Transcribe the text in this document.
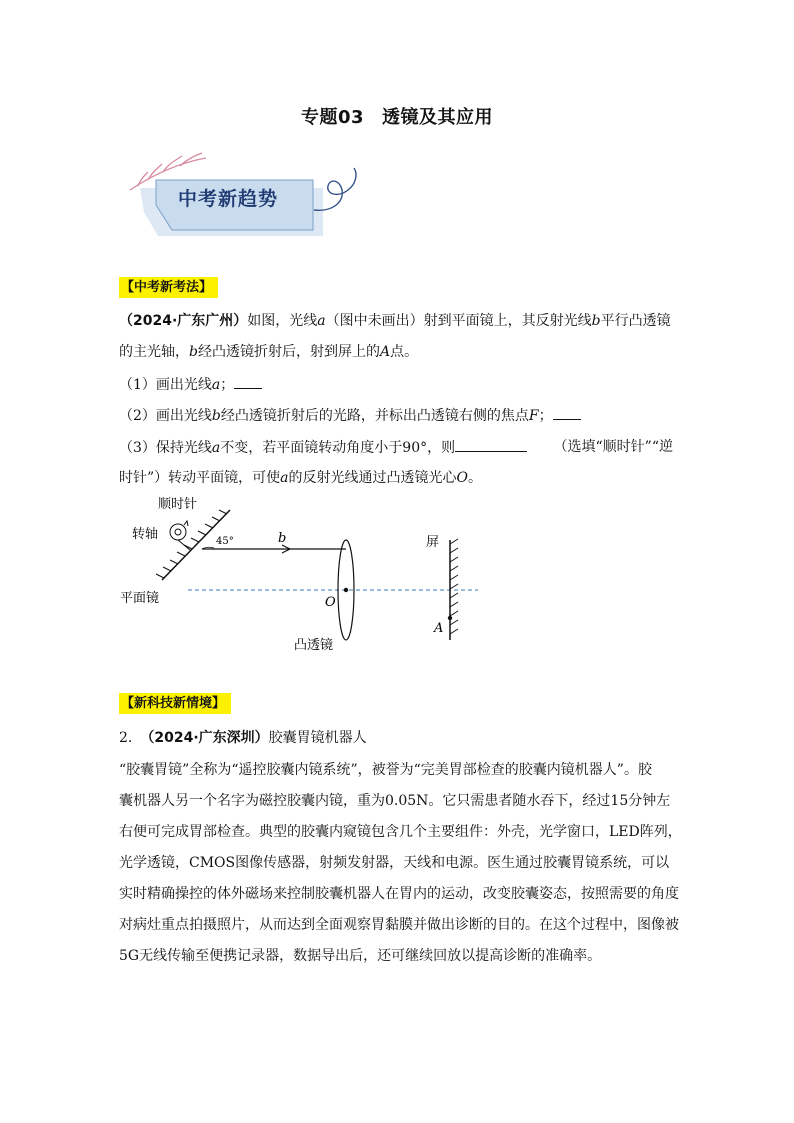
专题03 透镜及其应用
中考新趋势
【中考新考法】
（2024·广东广州）如图，光线a（图中未画出）射到平面镜上，其反射光线b平行凸透镜
的主光轴，b经凸透镜折射后，射到屏上的A点。
（1）画出光线a；
（2）画出光线b经凸透镜折射后的光路，并标出凸透镜右侧的焦点F；
（3）保持光线a不变，若平面镜转动角度小于90°，则	（选填“顺时针”“逆
时针”）转动平面镜，可使a的反射光线通过凸透镜光心O。
顺时针
转轴	45°	b
平面镜	O
凸透镜
屏
A
【新科技新情境】
2. （2024·广东深圳）胶囊胃镜机器人
“胶囊胃镜”全称为“遥控胶囊内镜系统”，被誉为“完美胃部检查的胶囊内镜机器人”。胶
囊机器人另一个名字为磁控胶囊内镜，重为0.05N。它只需患者随水吞下，经过15分钟左
右便可完成胃部检查。典型的胶囊内窥镜包含几个主要组件：外壳，光学窗口，LED阵列，
光学透镜，CMOS图像传感器，射频发射器，天线和电源。医生通过胶囊胃镜系统，可以
实时精确操控的体外磁场来控制胶囊机器人在胃内的运动，改变胶囊姿态，按照需要的角度
对病灶重点拍摄照片，从而达到全面观察胃黏膜并做出诊断的目的。在这个过程中，图像被
5G无线传输至便携记录器，数据导出后，还可继续回放以提高诊断的准确率。
